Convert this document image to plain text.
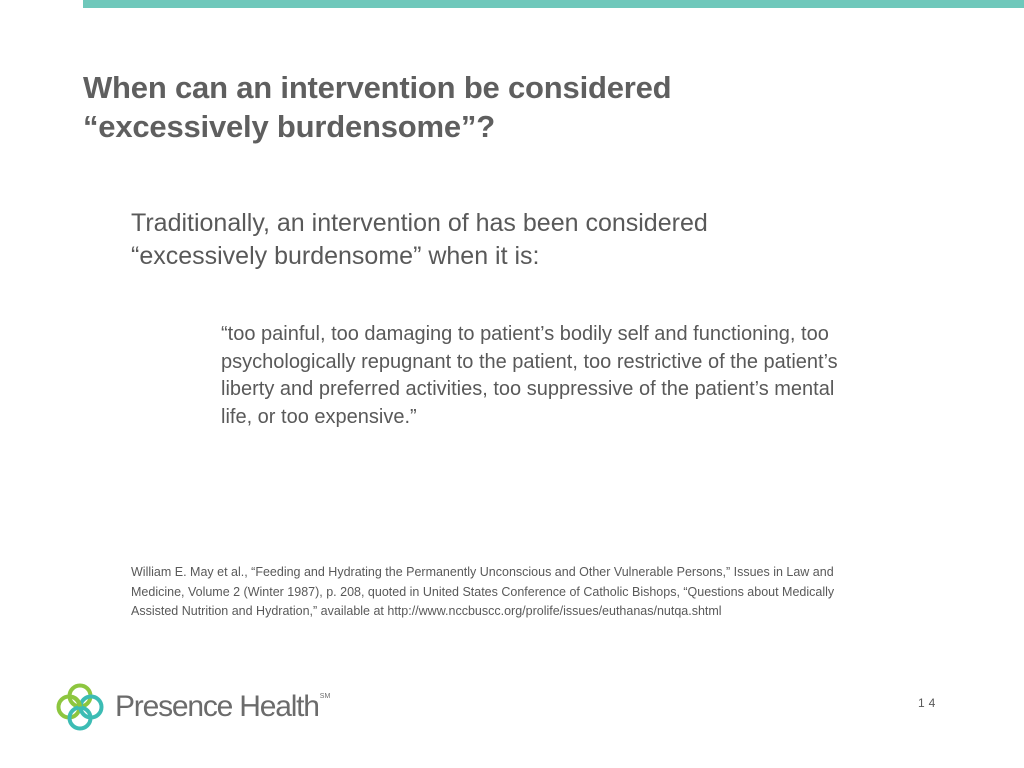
When can an intervention be considered
“excessively burdensome”?
Traditionally, an intervention of has been considered
“excessively burdensome” when it is:
“too painful, too damaging to patient’s bodily self and functioning, too
psychologically repugnant to the patient, too restrictive of the patient’s
liberty and preferred activities, too suppressive of the patient’s mental
life, or too expensive.”
William E. May et al., “Feeding and Hydrating the Permanently Unconscious and Other Vulnerable Persons,” Issues in Law and
Medicine, Volume 2 (Winter 1987), p. 208, quoted in United States Conference of Catholic Bishops, “Questions about Medically
Assisted Nutrition and Hydration,” available at http://www.nccbuscc.org/prolife/issues/euthanas/nutqa.shtml
Presence Health℠	14
